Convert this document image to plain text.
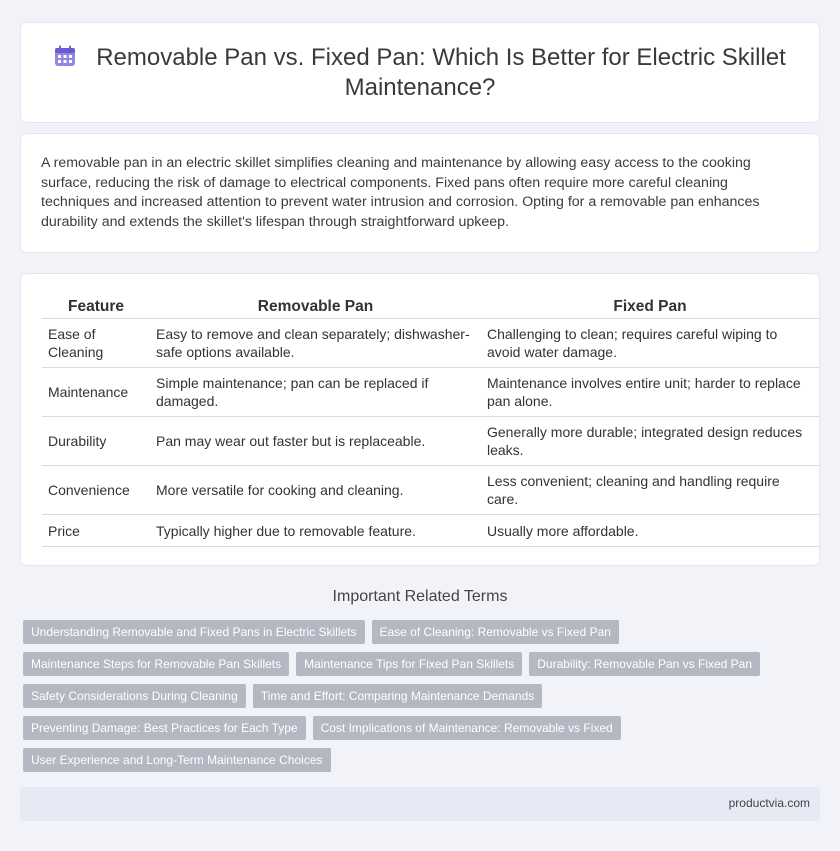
Removable Pan vs. Fixed Pan: Which Is Better for Electric Skillet
Maintenance?

A removable pan in an electric skillet simplifies cleaning and maintenance by allowing easy access to the cooking surface, reducing the risk of damage to electrical components. Fixed pans often require more careful cleaning techniques and increased attention to prevent water intrusion and corrosion. Opting for a removable pan enhances durability and extends the skillet's lifespan through straightforward upkeep.

Feature	Removable Pan	Fixed Pan
Ease of Cleaning	Easy to remove and clean separately; dishwasher-safe options available.	Challenging to clean; requires careful wiping to avoid water damage.
Maintenance	Simple maintenance; pan can be replaced if damaged.	Maintenance involves entire unit; harder to replace pan alone.
Durability	Pan may wear out faster but is replaceable.	Generally more durable; integrated design reduces leaks.
Convenience	More versatile for cooking and cleaning.	Less convenient; cleaning and handling require care.
Price	Typically higher due to removable feature.	Usually more affordable.
Important Related Terms
Understanding Removable and Fixed Pans in Electric Skillets	Ease of Cleaning: Removable vs Fixed Pan
Maintenance Steps for Removable Pan Skillets	Maintenance Tips for Fixed Pan Skillets	Durability: Removable Pan vs Fixed Pan
Safety Considerations During Cleaning	Time and Effort: Comparing Maintenance Demands
Preventing Damage: Best Practices for Each Type	Cost Implications of Maintenance: Removable vs Fixed
User Experience and Long-Term Maintenance Choices
productvia.com
